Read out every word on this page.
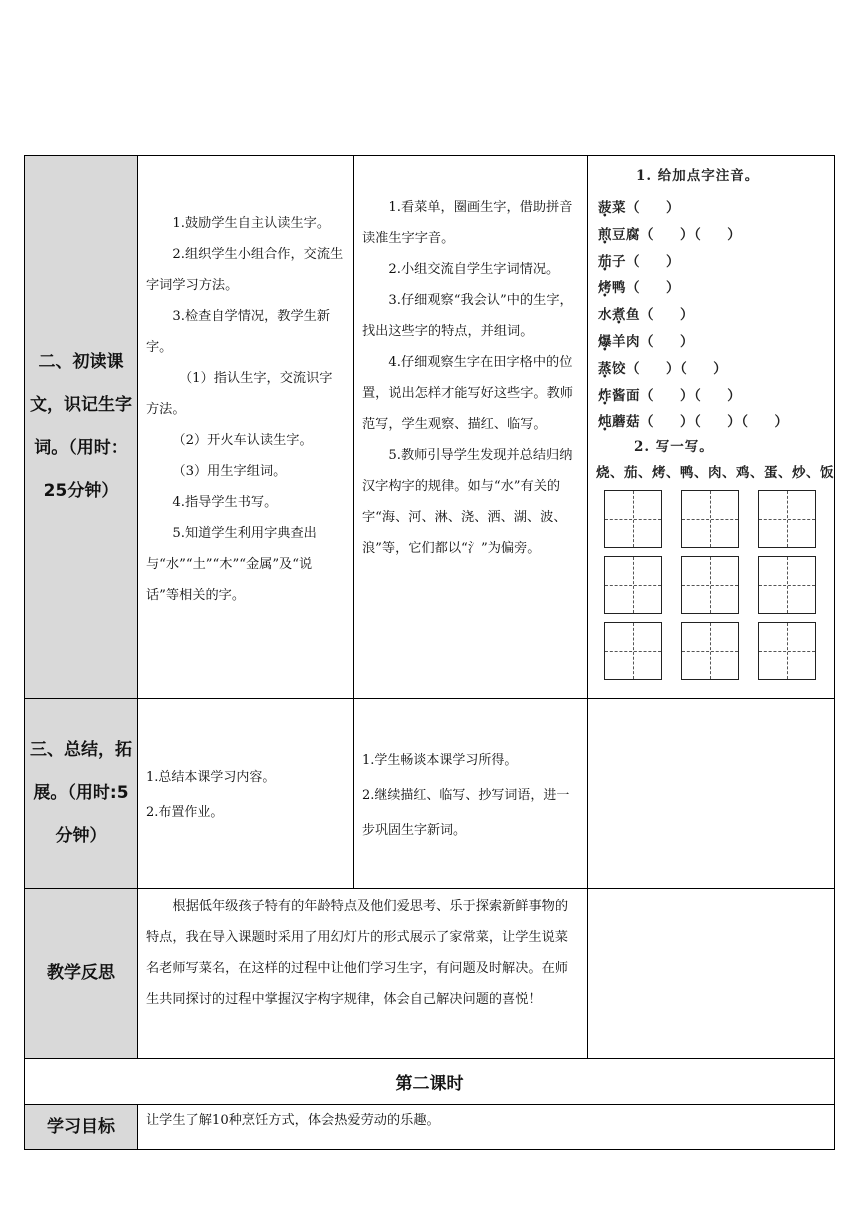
二、初读课文，识记生字词。（用时：25分钟）

1.鼓励学生自主认读生字。

2.组织学生小组合作，交流生字词学习方法。

3.检查自学情况，教学生新字。

（1）指认生字，交流识字方法。

（2）开火车认读生字。

（3）用生字组词。

4.指导学生书写。

5.知道学生利用字典查出与“水”“土”“木”“金属”及“说话”等相关的字。

1.看菜单，圈画生字，借助拼音读准生字字音。

2.小组交流自学生字词情况。

3.仔细观察“我会认”中的生字，找出这些字的特点，并组词。

4.仔细观察生字在田字格中的位置，说出怎样才能写好这些字。教师范写，学生观察、描红、临写。

5.教师引导学生发现并总结归纳汉字构字的规律。如与“水”有关的字“海、河、淋、浇、洒、湖、波、浪”等，它们都以“氵”为偏旁。

1. 给加点字注音。
菠菜（     ）
煎豆腐（     ）（     ）
茄子（     ）
烤鸭（     ）
水煮鱼（     ）
爆羊肉（     ）
蒸饺（     ）（     ）
炸酱面（     ）（     ）
炖蘑菇（     ）（     ）（     ）
2. 写一写。
烧、茄、烤、鸭、肉、鸡、蛋、炒、饭
三、总结，拓展。（用时:5分钟）

1.总结本课学习内容。

2.布置作业。

1.学生畅谈本课学习所得。

2.继续描红、临写、抄写词语，进一步巩固生字新词。

教学反思

根据低年级孩子特有的年龄特点及他们爱思考、乐于探索新鲜事物的特点，我在导入课题时采用了用幻灯片的形式展示了家常菜，让学生说菜名老师写菜名，在这样的过程中让他们学习生字，有问题及时解决。在师生共同探讨的过程中掌握汉字构字规律，体会自己解决问题的喜悦！

第二课时
学习目标 让学生了解10种烹饪方式，体会热爱劳动的乐趣。
